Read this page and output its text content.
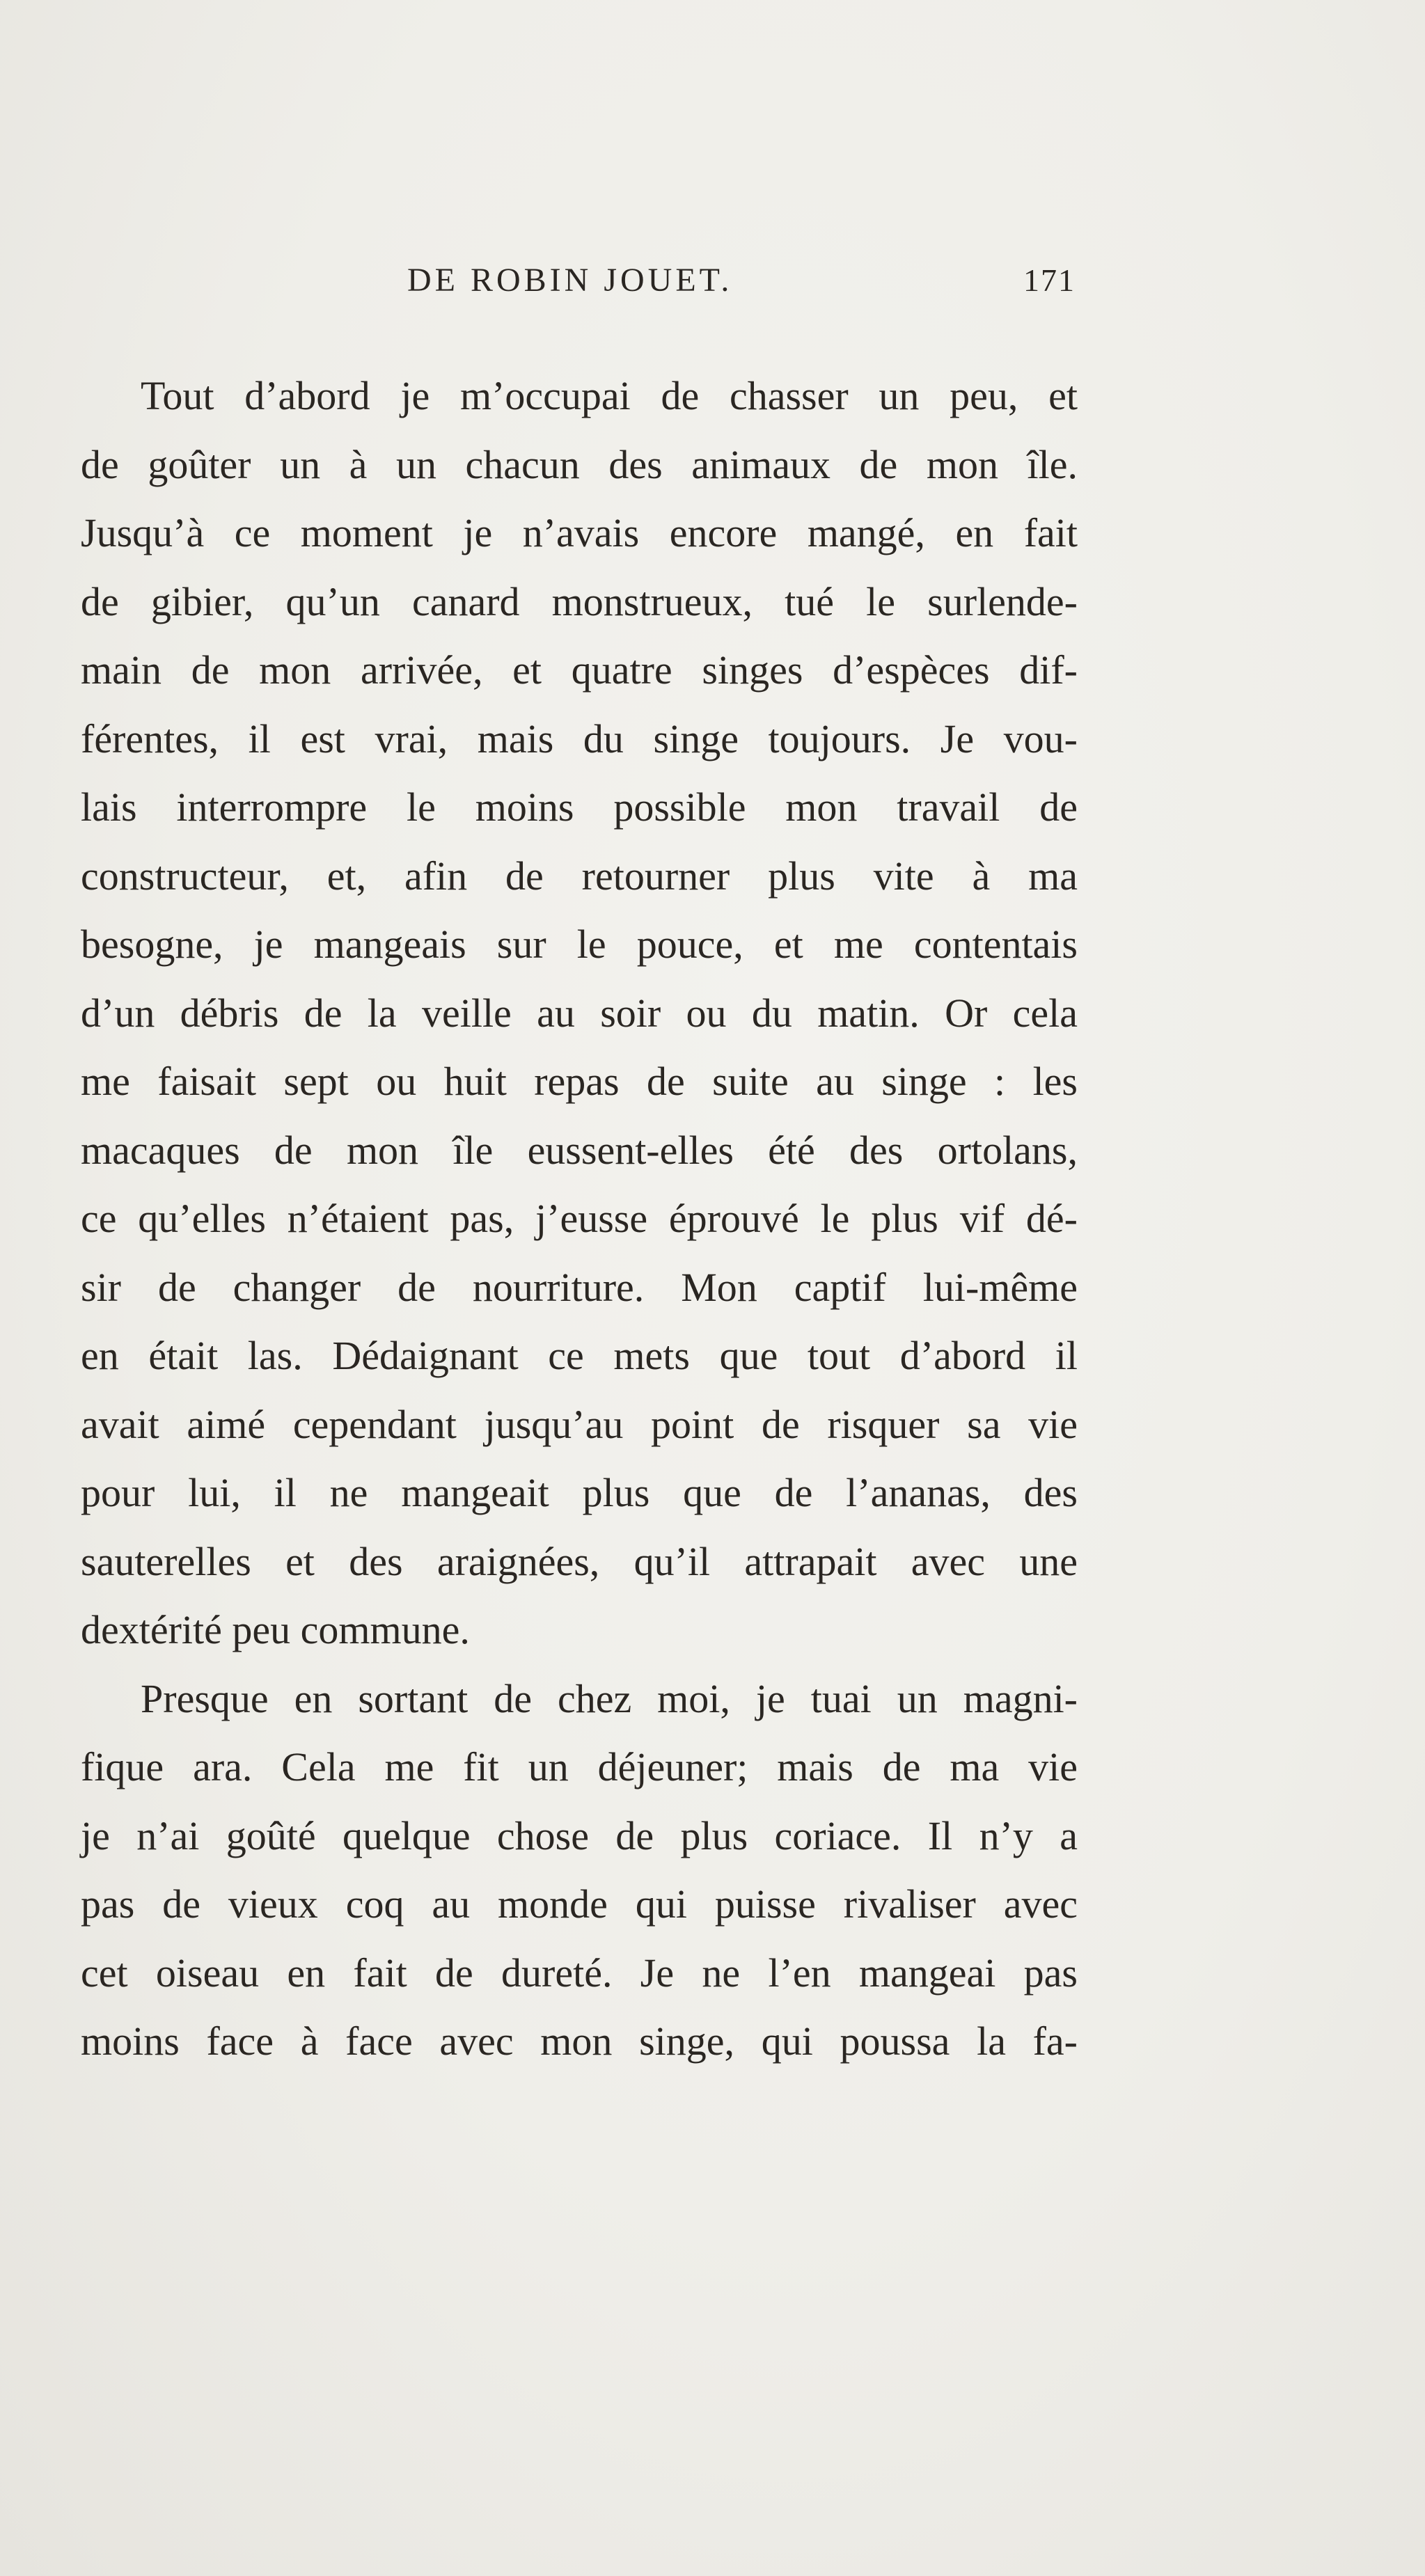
DE ROBIN JOUET.	171
Tout d’abord je m’occupai de chasser un peu, et
de goûter un à un chacun des animaux de mon île.
Jusqu’à ce moment je n’avais encore mangé, en fait
de gibier, qu’un canard monstrueux, tué le surlende-
main de mon arrivée, et quatre singes d’espèces dif-
férentes, il est vrai, mais du singe toujours. Je vou-
lais interrompre le moins possible mon travail de
constructeur, et, afin de retourner plus vite à ma
besogne, je mangeais sur le pouce, et me contentais
d’un débris de la veille au soir ou du matin. Or cela
me faisait sept ou huit repas de suite au singe : les
macaques de mon île eussent-elles été des ortolans,
ce qu’elles n’étaient pas, j’eusse éprouvé le plus vif dé-
sir de changer de nourriture. Mon captif lui-même
en était las. Dédaignant ce mets que tout d’abord il
avait aimé cependant jusqu’au point de risquer sa vie
pour lui, il ne mangeait plus que de l’ananas, des
sauterelles et des araignées, qu’il attrapait avec une
dextérité peu commune.
Presque en sortant de chez moi, je tuai un magni-
fique ara. Cela me fit un déjeuner; mais de ma vie
je n’ai goûté quelque chose de plus coriace. Il n’y a
pas de vieux coq au monde qui puisse rivaliser avec
cet oiseau en fait de dureté. Je ne l’en mangeai pas
moins face à face avec mon singe, qui poussa la fa-
